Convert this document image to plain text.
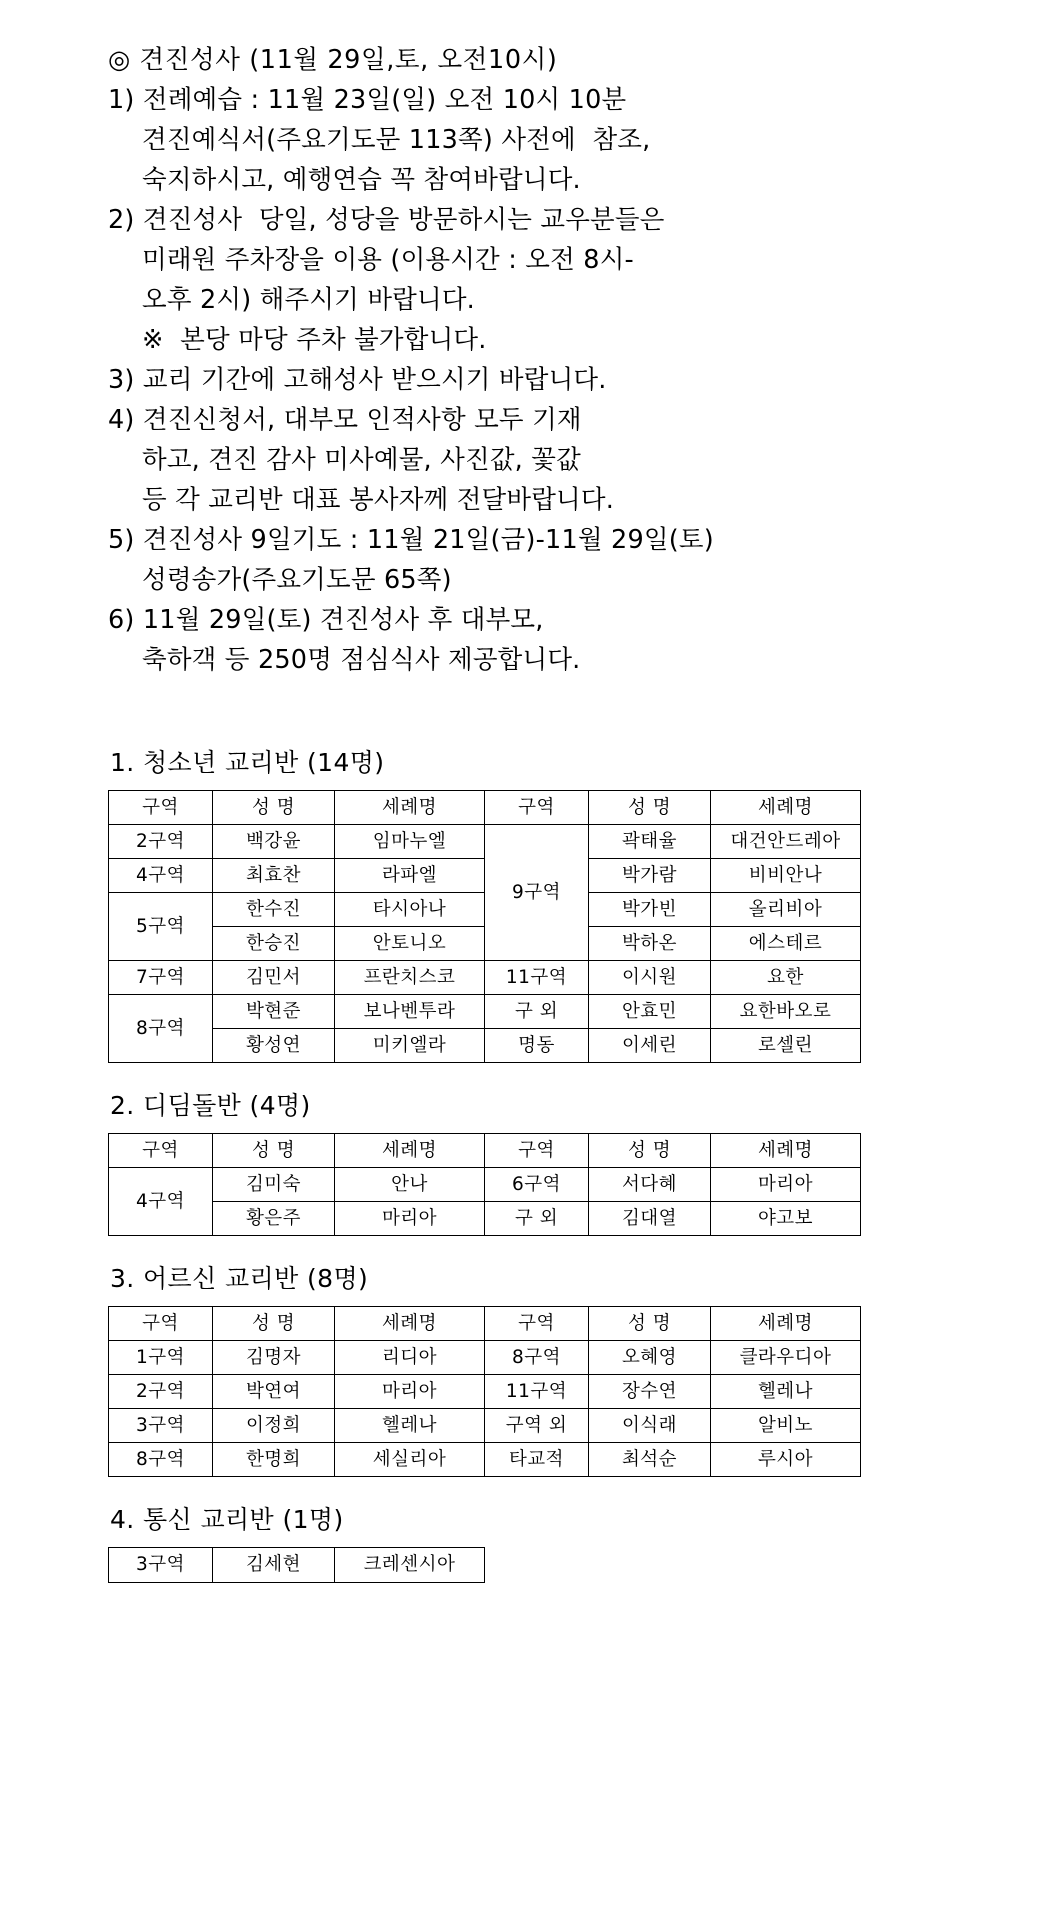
◎ 견진성사 (11월 29일,토, 오전10시)
1) 전례예습 : 11월 23일(일) 오전 10시 10분
견진예식서(주요기도문 113쪽) 사전에  참조,
숙지하시고, 예행연습 꼭 참여바랍니다.
2) 견진성사  당일, 성당을 방문하시는 교우분들은
미래원 주차장을 이용 (이용시간 : 오전 8시-
오후 2시) 해주시기 바랍니다.
※  본당 마당 주차 불가합니다.
3) 교리 기간에 고해성사 받으시기 바랍니다.
4) 견진신청서, 대부모 인적사항 모두 기재
하고, 견진 감사 미사예물, 사진값, 꽃값
등 각 교리반 대표 봉사자께 전달바랍니다.
5) 견진성사 9일기도 : 11월 21일(금)-11월 29일(토)
성령송가(주요기도문 65쪽)
6) 11월 29일(토) 견진성사 후 대부모,
축하객 등 250명 점심식사 제공합니다.
1. 청소년 교리반 (14명)
구역	성 명	세례명	구역	성 명	세례명
2구역	백강윤	임마누엘	9구역	곽태율	대건안드레아
4구역	최효찬	라파엘		박가람	비비안나
5구역	한수진	타시아나		박가빈	올리비아
	한승진	안토니오		박하온	에스테르
7구역	김민서	프란치스코	11구역	이시원	요한
8구역	박현준	보나벤투라	구 외	안효민	요한바오로
	황성연	미키엘라	명동	이세린	로셀린
2. 디딤돌반 (4명)
구역	성 명	세례명	구역	성 명	세례명
4구역	김미숙	안나	6구역	서다혜	마리아
	황은주	마리아	구 외	김대열	야고보
3. 어르신 교리반 (8명)
구역	성 명	세례명	구역	성 명	세례명
1구역	김명자	리디아	8구역	오혜영	클라우디아
2구역	박연여	마리아	11구역	장수연	헬레나
3구역	이정희	헬레나	구역 외	이식래	알비노
8구역	한명희	세실리아	타교적	최석순	루시아
4. 통신 교리반 (1명)
3구역	김세현	크레센시아
